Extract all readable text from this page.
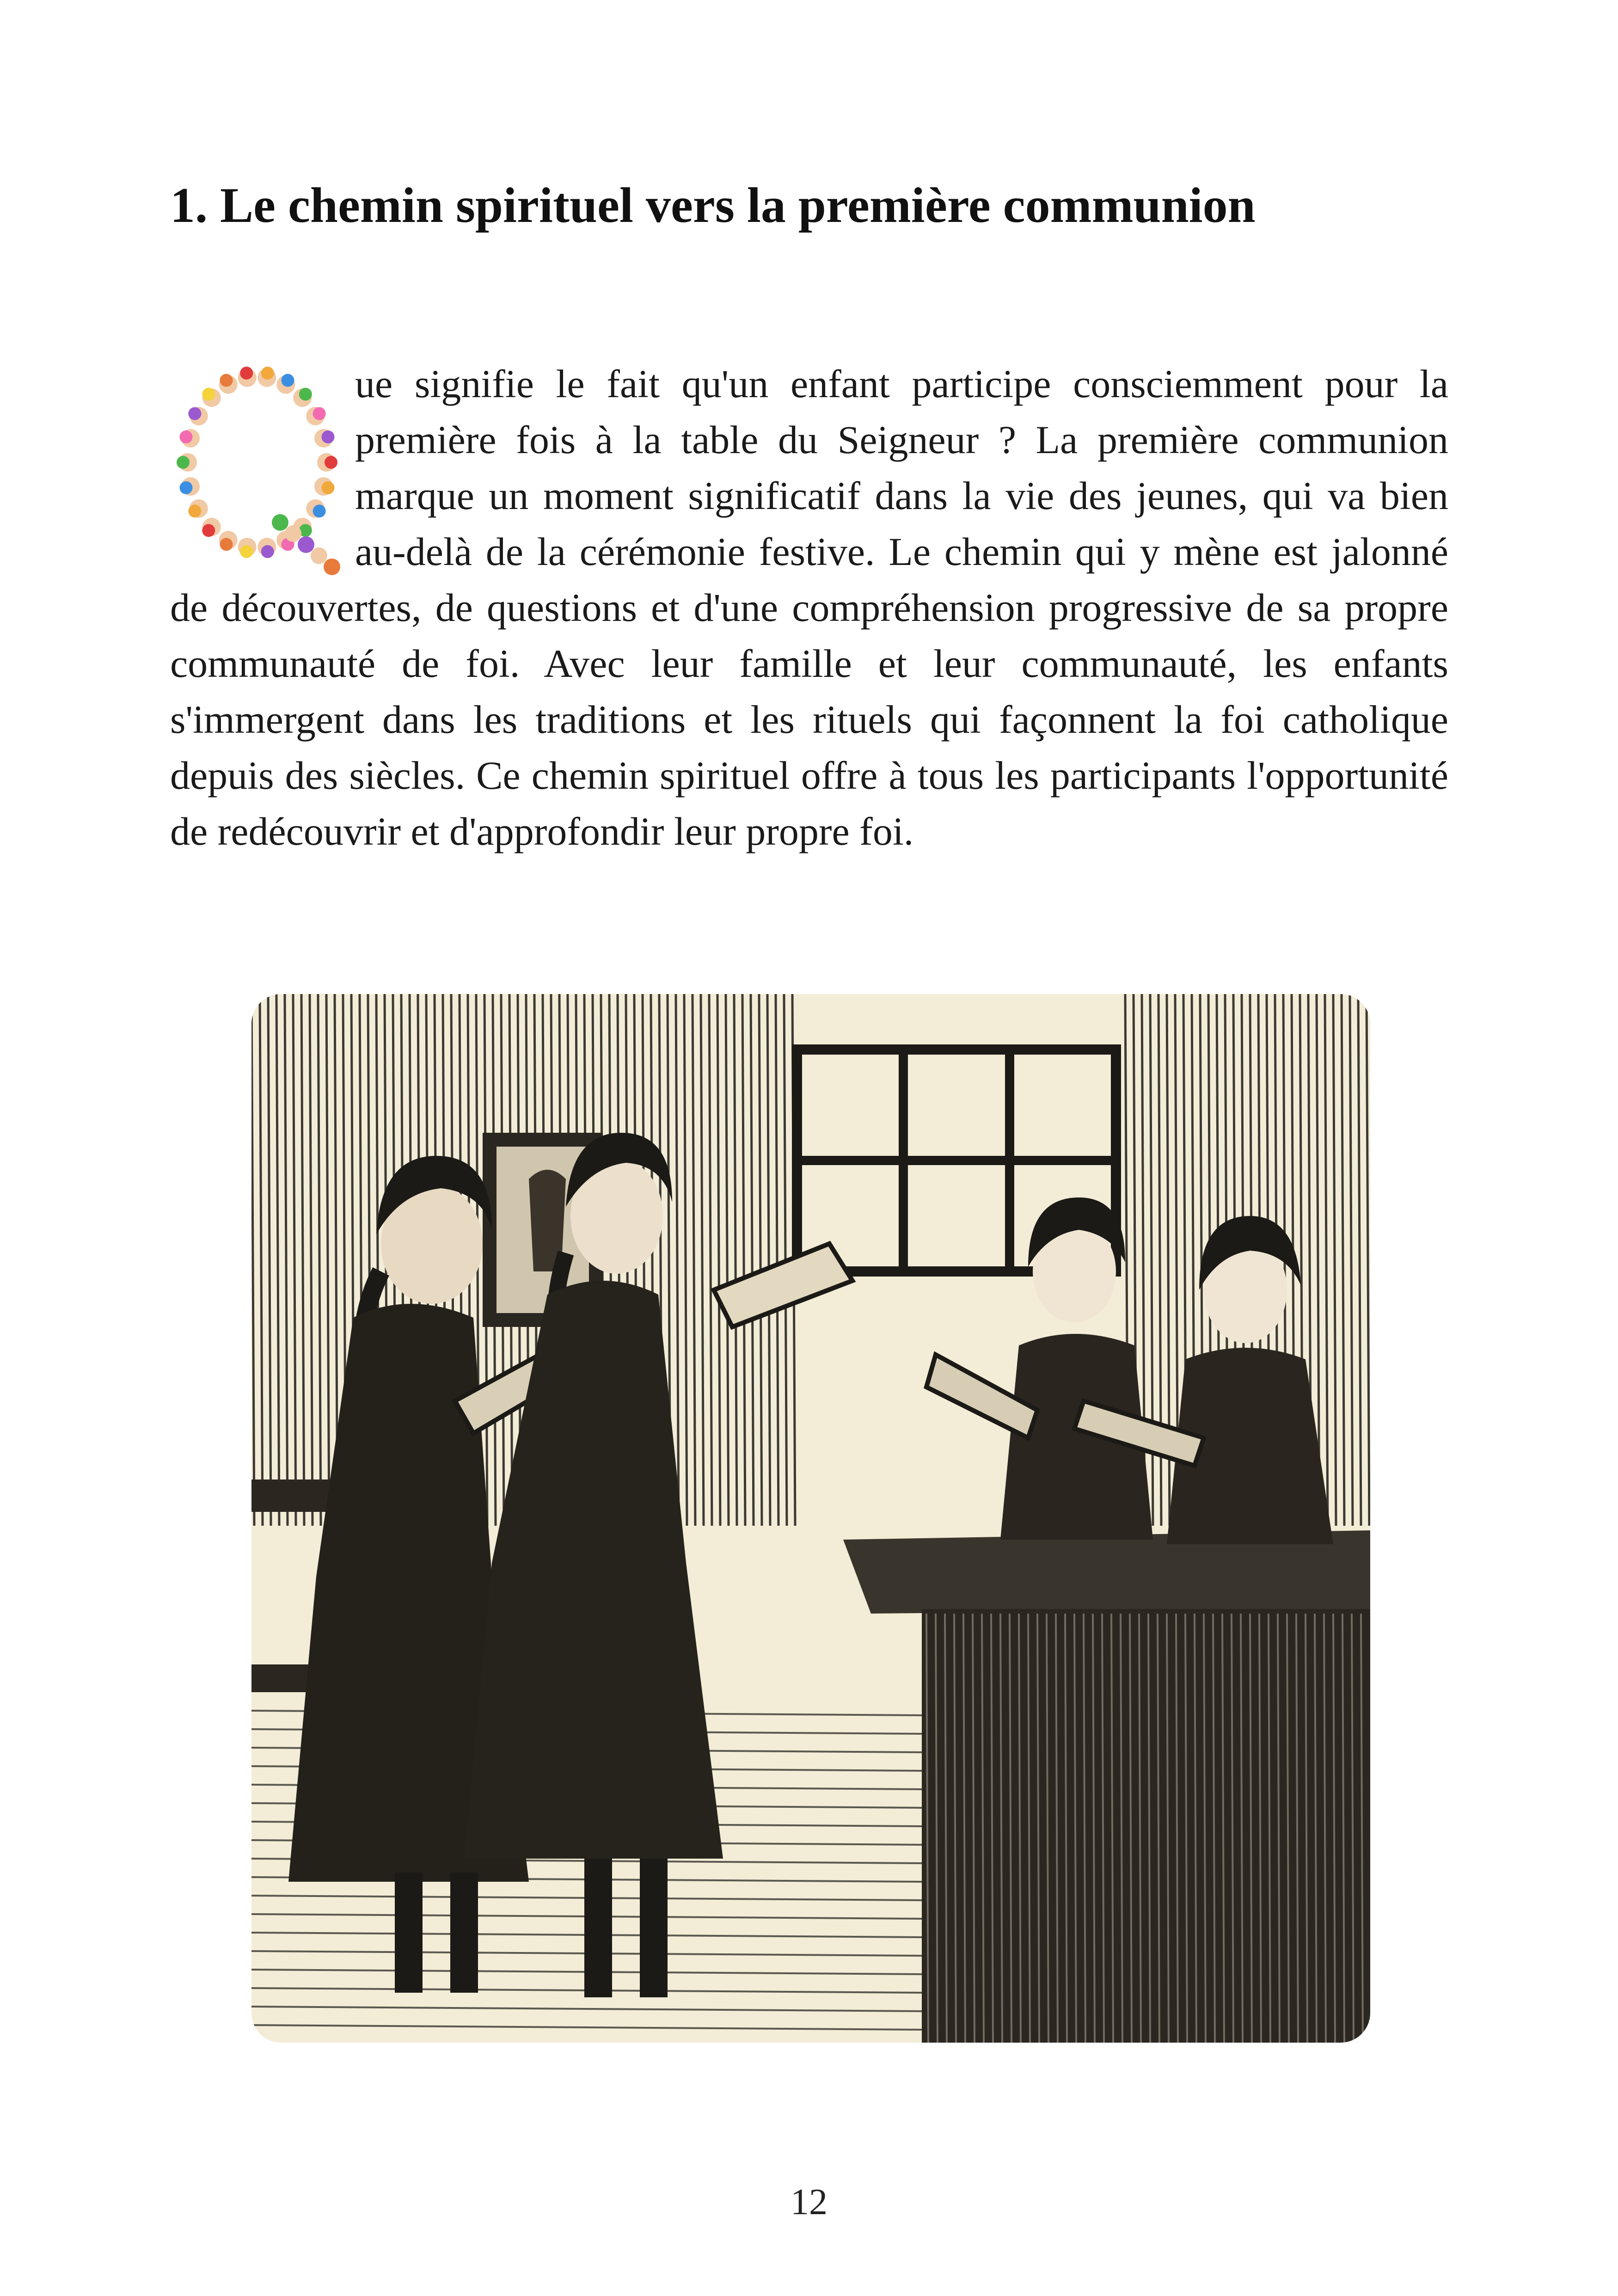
1. Le chemin spirituel vers la première communion

ue signifie le fait qu'un enfant participe consciemment pour la première fois à la table du Seigneur ? La première communion marque un moment significatif dans la vie des jeunes, qui va bien au-delà de la cérémonie festive. Le chemin qui y mène est jalonné de découvertes, de questions et d'une compréhension progressive de sa propre communauté de foi. Avec leur famille et leur communauté, les enfants s'immergent dans les traditions et les rituels qui façonnent la foi catholique depuis des siècles. Ce chemin spirituel offre à tous les participants l'opportunité de redécouvrir et d'approfondir leur propre foi.

12
